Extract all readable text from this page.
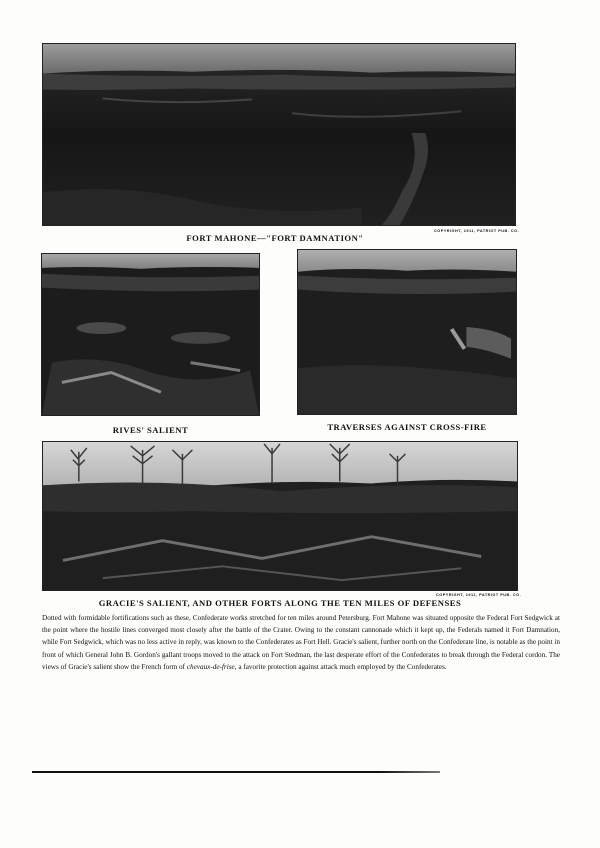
FORT MAHONE—"FORT DAMNATION"
COPYRIGHT, 1911, PATRIOT PUB. CO.
RIVES' SALIENT	TRAVERSES AGAINST CROSS-FIRE
COPYRIGHT, 1911, PATRIOT PUB. CO.
GRACIE'S SALIENT, AND OTHER FORTS ALONG THE TEN MILES OF DEFENSES

Dotted with formidable fortifications such as these, Confederate works stretched for ten miles around Petersburg. Fort Mahone was situated opposite the Federal Fort Sedgwick at the point where the hostile lines converged most closely after the battle of the Crater. Owing to the constant cannonade which it kept up, the Federals named it Fort Damnation, while Fort Sedgwick, which was no less active in reply, was known to the Confederates as Fort Hell. Gracie's salient, further north on the Confederate line, is notable as the point in front of which General John B. Gordon's gallant troops moved to the attack on Fort Stedman, the last desperate effort of the Confederates to break through the Federal cordon. The views of Gracie's salient show the French form of chevaux-de-frise, a favorite protection against attack much employed by the Confederates.
